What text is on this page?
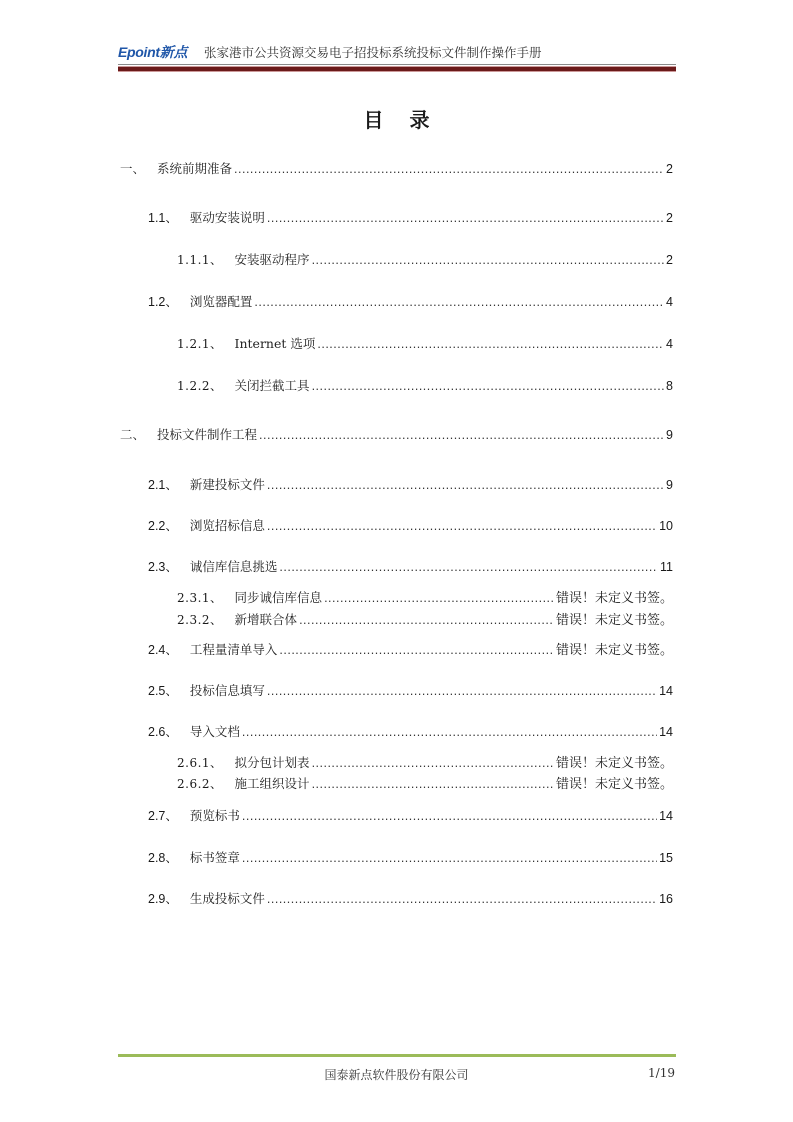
Epoint新点 张家港市公共资源交易电子招投标系统投标文件制作操作手册
目录
一、 系统前期准备 .....	2
1.1、 驱动安装说明 .....	2
1.1.1、 安装驱动程序 .....	2
1.2、 浏览器配置 .....	4
1.2.1、 Internet 选项 .....	4
1.2.2、 关闭拦截工具 .....	8
二、 投标文件制作工程 .....	9
2.1、 新建投标文件 .....	9
2.2、 浏览招标信息 .....	10
2.3、 诚信库信息挑选 .....	11
2.3.1、 同步诚信库信息 .....	错误！未定义书签。
2.3.2、 新增联合体 .....	错误！未定义书签。
2.4、 工程量清单导入 .....	错误！未定义书签。
2.5、 投标信息填写 .....	14
2.6、 导入文档 .....	14
2.6.1、 拟分包计划表 .....	错误！未定义书签。
2.6.2、 施工组织设计 .....	错误！未定义书签。
2.7、 预览标书 .....	14
2.8、 标书签章 .....	15
2.9、 生成投标文件 .....	16
国泰新点软件股份有限公司	1/19
